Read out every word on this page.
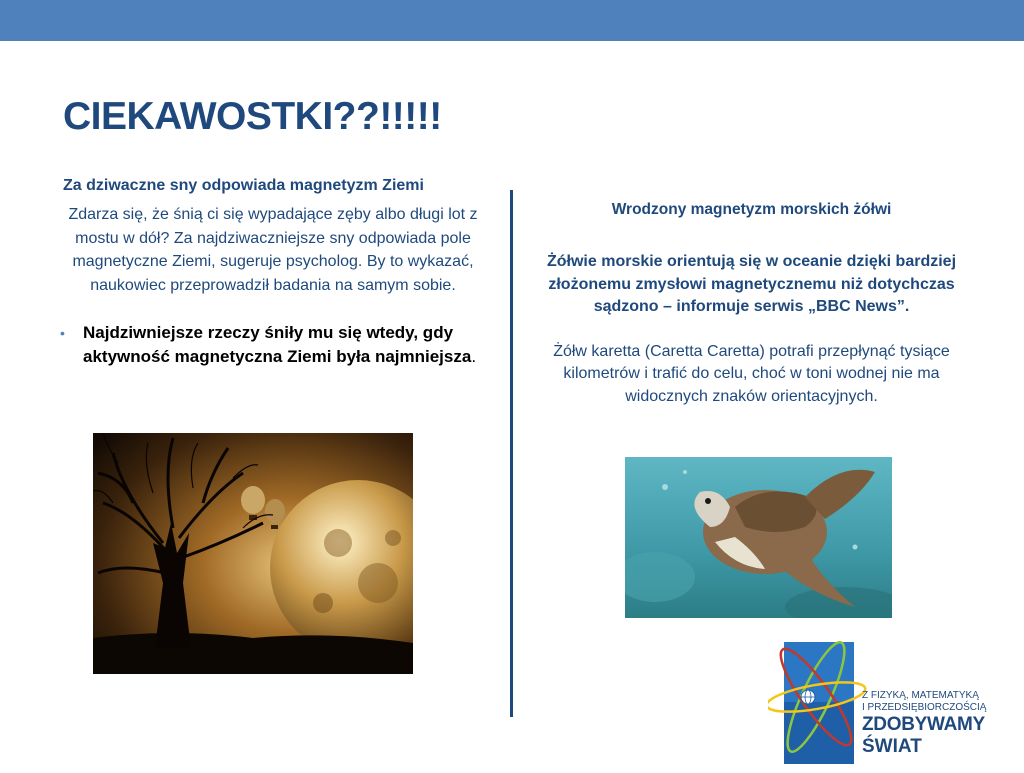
CIEKAWOSTKI??!!!!!

Za dziwaczne sny odpowiada magnetyzm Ziemi

Zdarza się, że śnią ci się wypadające zęby albo długi lot z mostu w dół? Za najdziwaczniejsze sny odpowiada pole magnetyczne Ziemi, sugeruje psycholog. By to wykazać, naukowiec przeprowadził badania na samym sobie.

• Najdziwniejsze rzeczy śniły mu się wtedy, gdy aktywność magnetyczna Ziemi była najmniejsza.

Wrodzony magnetyzm morskich żółwi

Żółwie morskie orientują się w oceanie dzięki bardziej złożonemu zmysłowi magnetycznemu niż dotychczas sądzono – informuje serwis „BBC News”.

Żółw karetta (Caretta Caretta) potrafi przepłynąć tysiące kilometrów i trafić do celu, choć w toni wodnej nie ma widocznych znaków orientacyjnych.

Z FIZYKĄ, MATEMATYKĄ
I PRZEDSIĘBIORCZOŚCIĄ
ZDOBYWAMY
ŚWIAT
